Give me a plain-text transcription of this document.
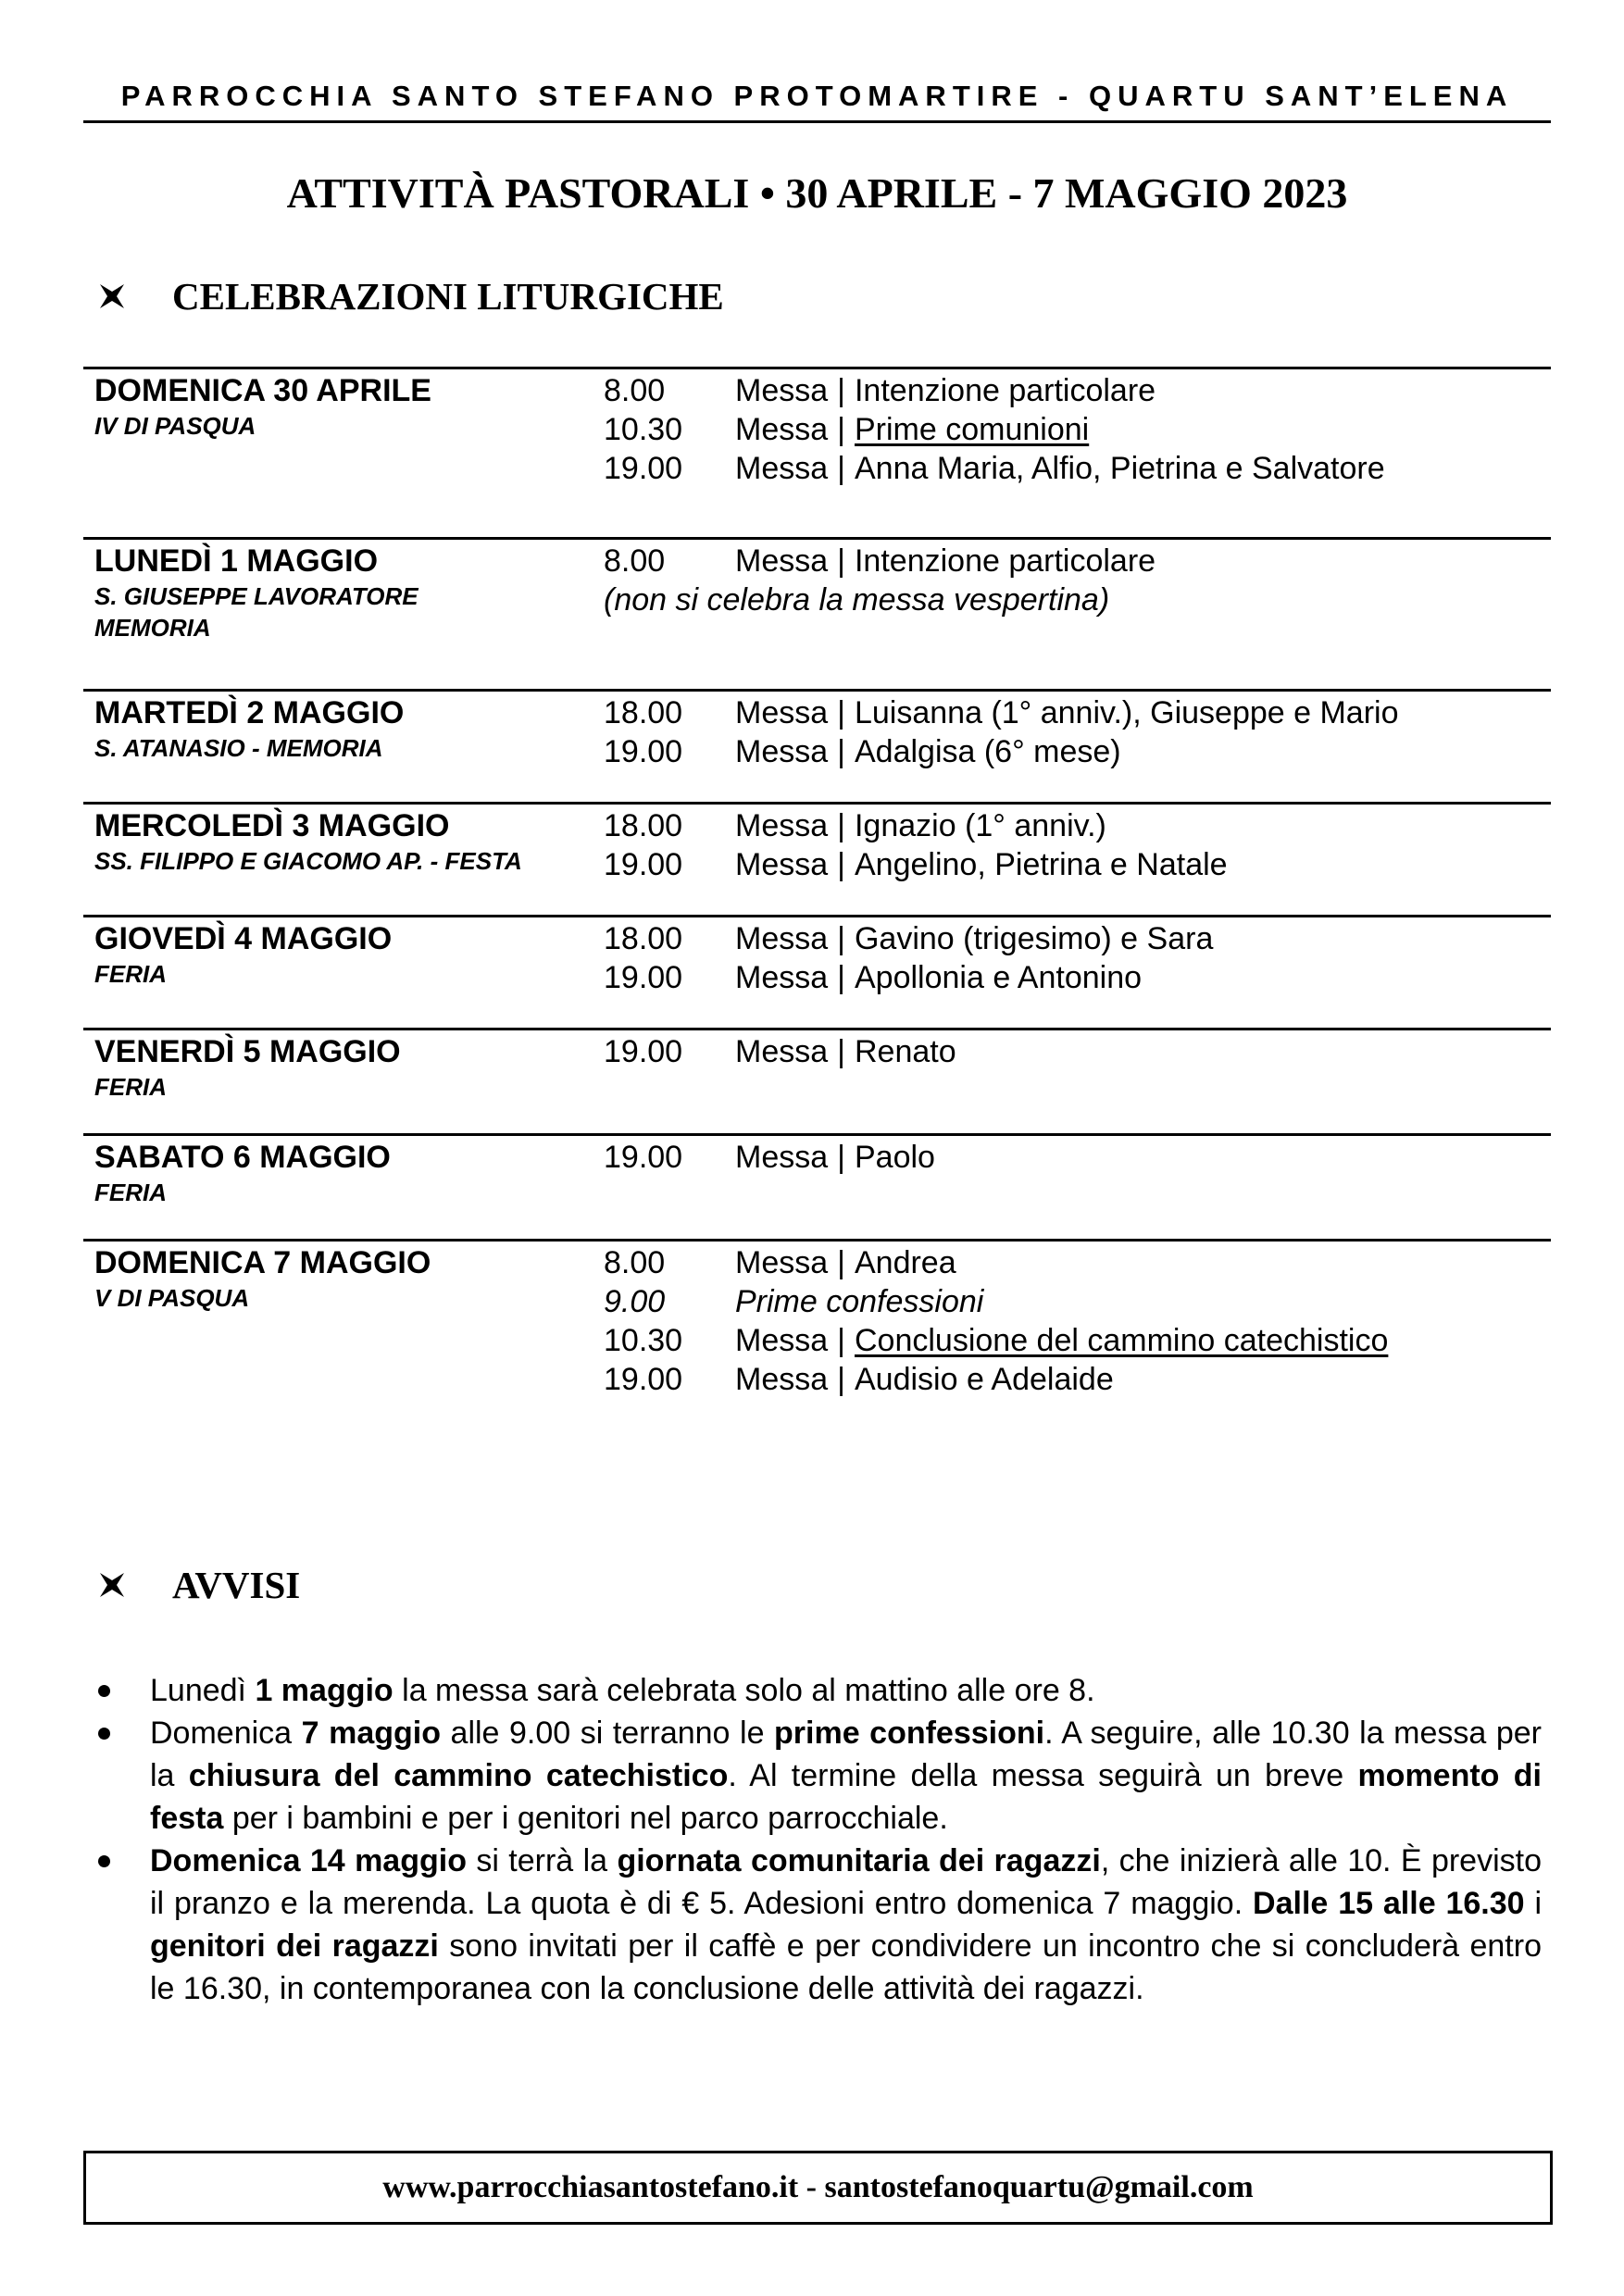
PARROCCHIA SANTO STEFANO PROTOMARTIRE - QUARTU SANT’ELENA
ATTIVITÀ PASTORALI • 30 APRILE - 7 MAGGIO 2023
CELEBRAZIONI LITURGICHE
DOMENICA 30 APRILE
IV DI PASQUA
8.00	Messa | Intenzione particolare
10.30	Messa | Prime comunioni
19.00	Messa | Anna Maria, Alfio, Pietrina e Salvatore
LUNEDÌ 1 MAGGIO
S. GIUSEPPE LAVORATORE
MEMORIA
8.00	Messa | Intenzione particolare
(non si celebra la messa vespertina)
MARTEDÌ 2 MAGGIO
S. ATANASIO - MEMORIA
18.00	Messa | Luisanna (1° anniv.), Giuseppe e Mario
19.00	Messa | Adalgisa (6° mese)
MERCOLEDÌ 3 MAGGIO
SS. FILIPPO E GIACOMO AP. - FESTA
18.00	Messa | Ignazio (1° anniv.)
19.00	Messa | Angelino, Pietrina e Natale
GIOVEDÌ 4 MAGGIO
FERIA
18.00	Messa | Gavino (trigesimo) e Sara
19.00	Messa | Apollonia e Antonino
VENERDÌ 5 MAGGIO
FERIA
19.00	Messa | Renato
SABATO 6 MAGGIO
FERIA
19.00	Messa | Paolo
DOMENICA 7 MAGGIO
V DI PASQUA
8.00	Messa | Andrea
9.00	Prime confessioni
10.30	Messa | Conclusione del cammino catechistico
19.00	Messa | Audisio e Adelaide
AVVISI
Lunedì 1 maggio la messa sarà celebrata solo al mattino alle ore 8.
Domenica 7 maggio alle 9.00 si terranno le prime confessioni. A seguire, alle 10.30 la messa per la chiusura del cammino catechistico. Al termine della messa seguirà un breve momento di festa per i bambini e per i genitori nel parco parrocchiale.
Domenica 14 maggio si terrà la giornata comunitaria dei ragazzi, che inizierà alle 10. È previsto il pranzo e la merenda. La quota è di € 5. Adesioni entro domenica 7 maggio. Dalle 15 alle 16.30 i genitori dei ragazzi sono invitati per il caffè e per condividere un incontro che si concluderà entro le 16.30, in contemporanea con la conclusione delle attività dei ragazzi.
www.parrocchiasantostefano.it - santostefanoquartu@gmail.com
